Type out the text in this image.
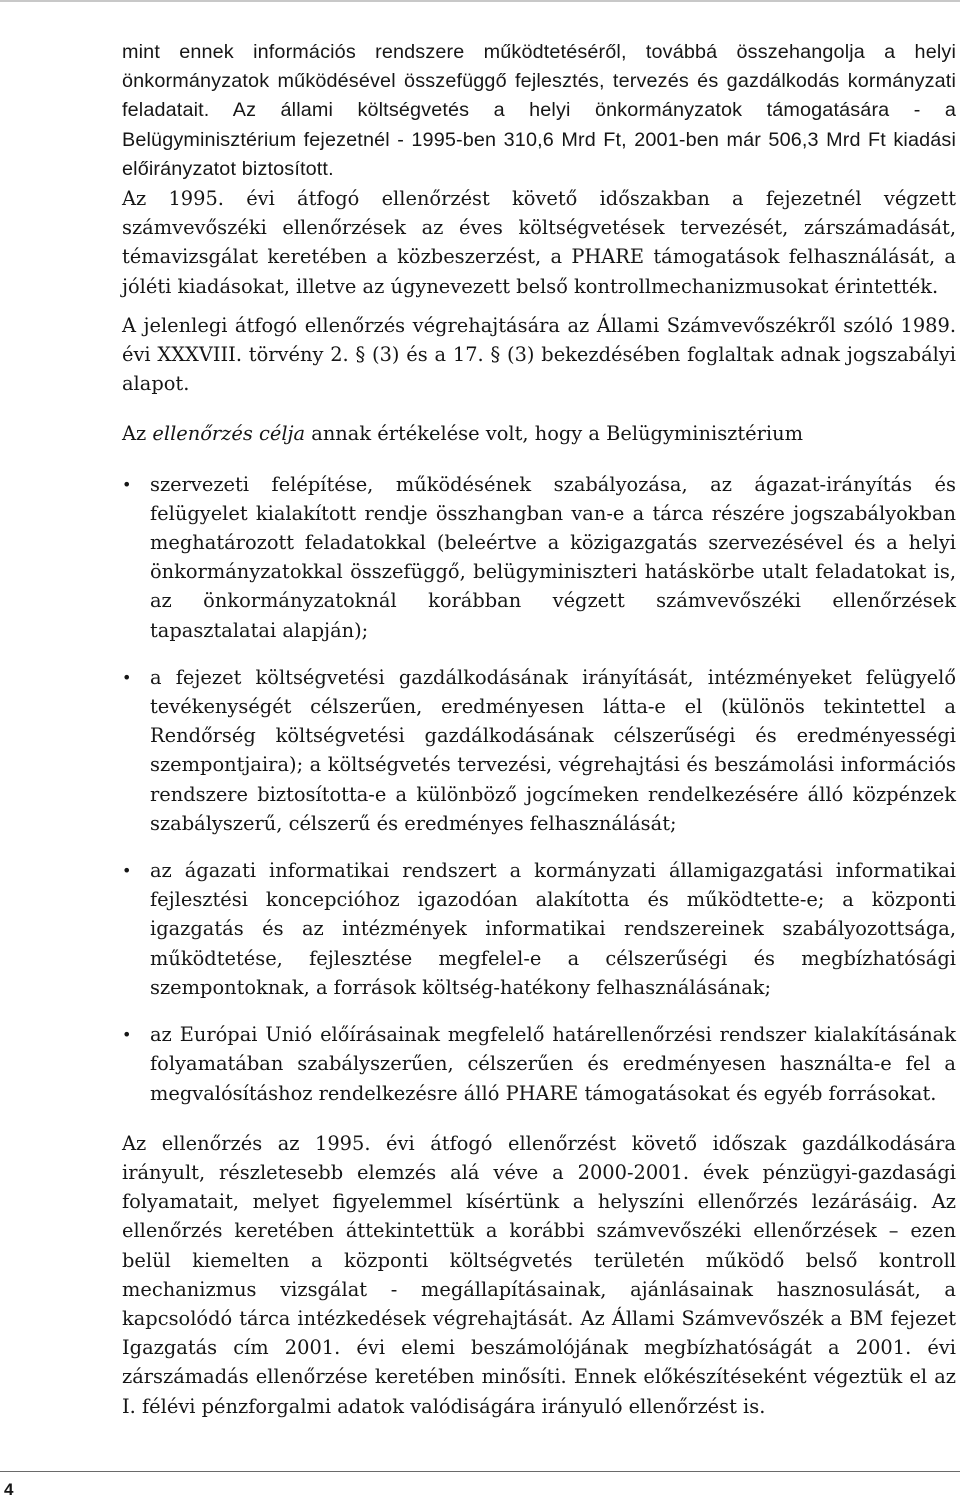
mint ennek információs rendszere működtetéséről, továbbá összehangolja a helyi önkormányzatok működésével összefüggő fejlesztés, tervezés és gazdálkodás kormányzati feladatait. Az állami költségvetés a helyi önkormányzatok támogatására - a Belügyminisztérium fejezetnél - 1995-ben 310,6 Mrd Ft, 2001-ben már 506,3 Mrd Ft kiadási előirányzatot biztosított.

Az 1995. évi átfogó ellenőrzést követő időszakban a fejezetnél végzett számvevőszéki ellenőrzések az éves költségvetések tervezését, zárszámadását, témavizsgálat keretében a közbeszerzést, a PHARE támogatások felhasználását, a jóléti kiadásokat, illetve az úgynevezett belső kontrollmechanizmusokat érintették.

A jelenlegi átfogó ellenőrzés végrehajtására az Állami Számvevőszékről szóló 1989. évi XXXVIII. törvény 2. § (3) és a 17. § (3) bekezdésében foglaltak adnak jogszabályi alapot.

Az ellenőrzés célja annak értékelése volt, hogy a Belügyminisztérium

• szervezeti felépítése, működésének szabályozása, az ágazat-irányítás és felügyelet kialakított rendje összhangban van-e a tárca részére jogszabályokban meghatározott feladatokkal (beleértve a közigazgatás szervezésével és a helyi önkormányzatokkal összefüggő, belügyminiszteri hatáskörbe utalt feladatokat is, az önkormányzatoknál korábban végzett számvevőszéki ellenőrzések tapasztalatai alapján);
• a fejezet költségvetési gazdálkodásának irányítását, intézményeket felügyelő tevékenységét célszerűen, eredményesen látta-e el (különös tekintettel a Rendőrség költségvetési gazdálkodásának célszerűségi és eredményességi szempontjaira); a költségvetés tervezési, végrehajtási és beszámolási információs rendszere biztosította-e a különböző jogcímeken rendelkezésére álló közpénzek szabályszerű, célszerű és eredményes felhasználását;
• az ágazati informatikai rendszert a kormányzati államigazgatási informatikai fejlesztési koncepcióhoz igazodóan alakította és működtette-e; a központi igazgatás és az intézmények informatikai rendszereinek szabályozottsága, működtetése, fejlesztése megfelel-e a célszerűségi és megbízhatósági szempontoknak, a források költség-hatékony felhasználásának;
• az Európai Unió előírásainak megfelelő határellenőrzési rendszer kialakításának folyamatában szabályszerűen, célszerűen és eredményesen használta-e fel a megvalósításhoz rendelkezésre álló PHARE támogatásokat és egyéb forrásokat.

Az ellenőrzés az 1995. évi átfogó ellenőrzést követő időszak gazdálkodására irányult, részletesebb elemzés alá véve a 2000-2001. évek pénzügyi-gazdasági folyamatait, melyet figyelemmel kísértünk a helyszíni ellenőrzés lezárásáig. Az ellenőrzés keretében áttekintettük a korábbi számvevőszéki ellenőrzések – ezen belül kiemelten a központi költségvetés területén működő belső kontroll mechanizmus vizsgálat - megállapításainak, ajánlásainak hasznosulását, a kapcsolódó tárca intézkedések végrehajtását. Az Állami Számvevőszék a BM fejezet Igazgatás cím 2001. évi elemi beszámolójának megbízhatóságát a 2001. évi zárszámadás ellenőrzése keretében minősíti. Ennek előkészítéseként végeztük el az I. félévi pénzforgalmi adatok valódiságára irányuló ellenőrzést is.

4
